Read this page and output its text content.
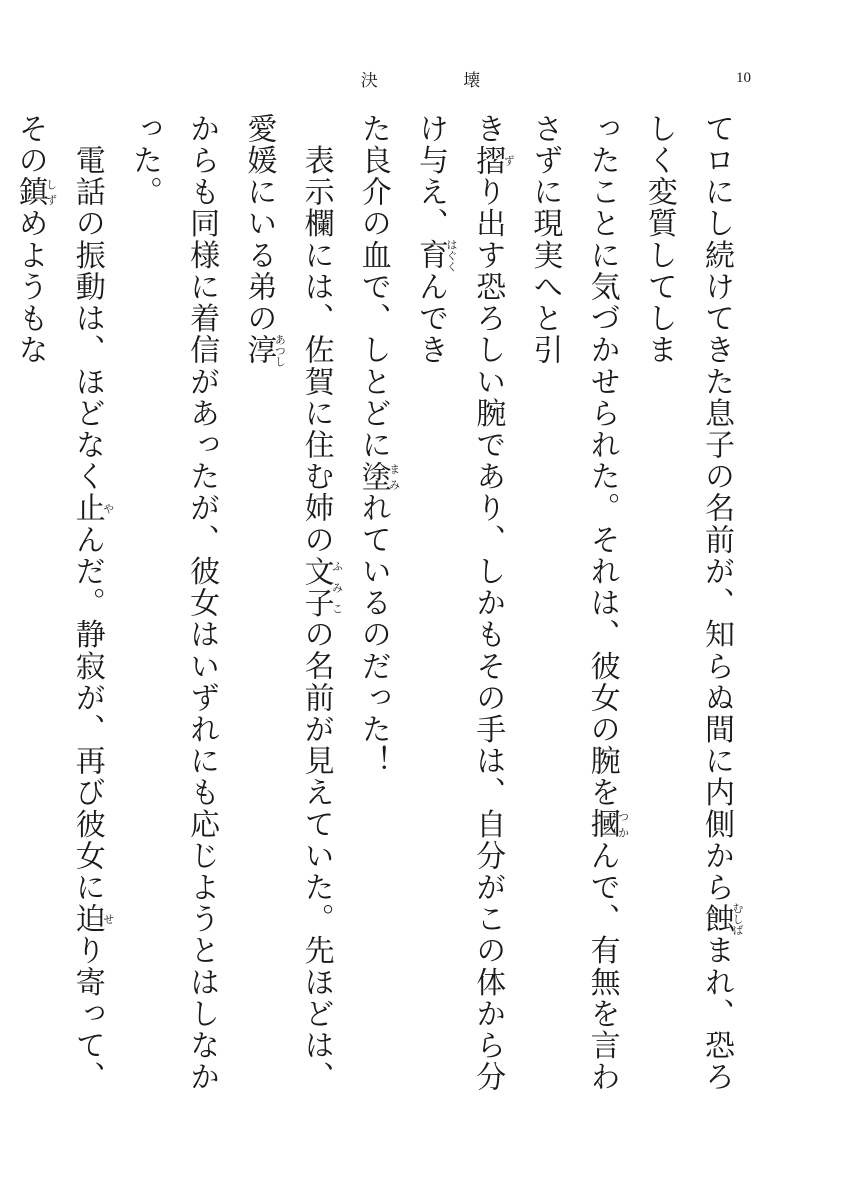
決 壊	10

てロにし続けてきた息子の名前が、知らぬ間に内側から蝕むしばまれ、恐ろしく変質してしま

ったことに気づかせられた。それは、彼女の腕を摑つかんで、有無を言わさずに現実へと引

き摺ずり出す恐ろしい腕であり、しかもその手は、自分がこの体から分け与え、育はぐくんでき

た良介の血で、しとどに塗まみれているのだった！

　表示欄には、佐賀に住む姉の文子ふみこの名前が見えていた。先ほどは、愛媛にいる弟の淳あつし

からも同様に着信があったが、彼女はいずれにも応じようとはしなかった。

　電話の振動は、ほどなく止やんだ。静寂が、再び彼女に迫せり寄って、その鎮しずめようもな
